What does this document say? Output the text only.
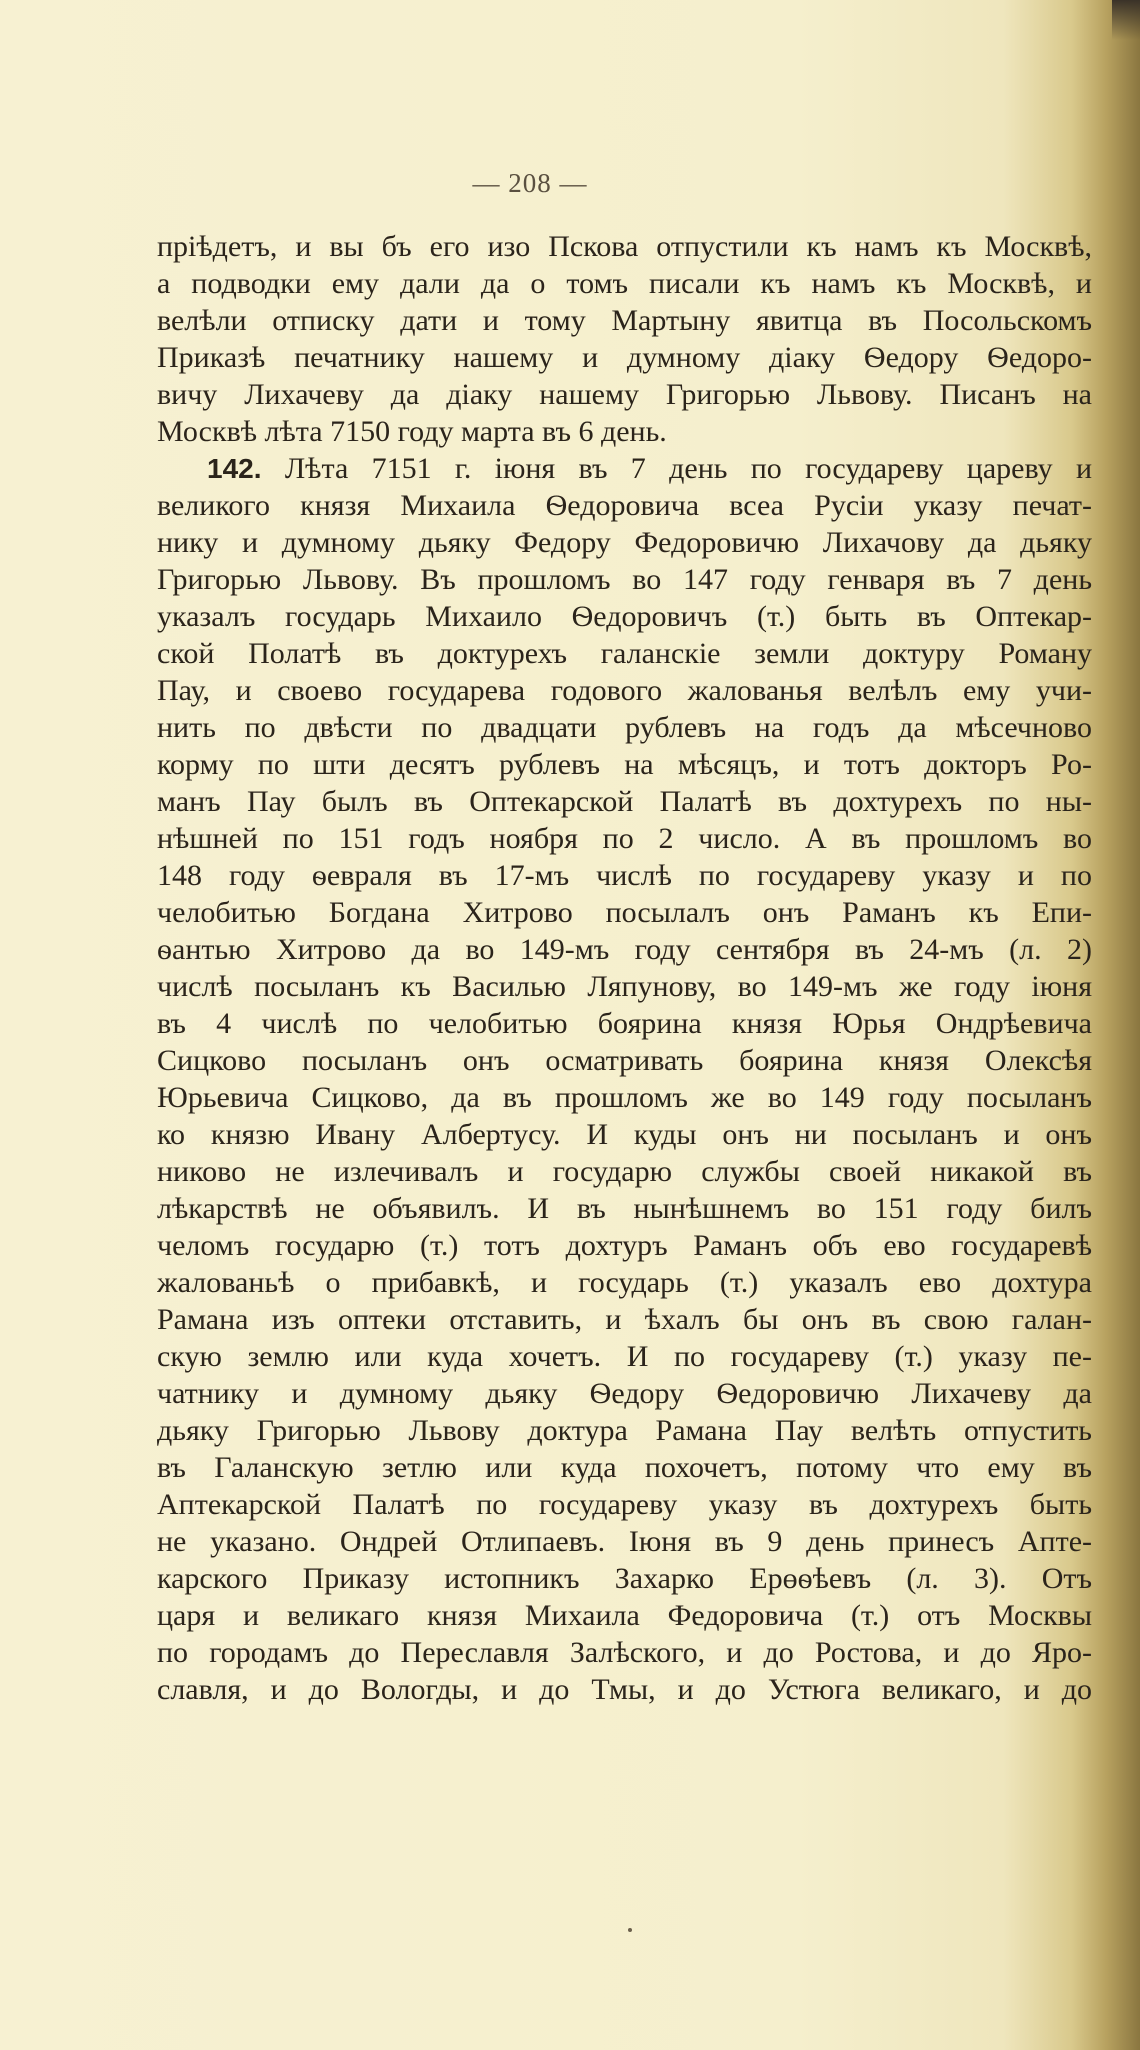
— 208 —
пріѣдетъ, и вы бъ его изо Пскова отпустили къ намъ къ Москвѣ,
а подводки ему дали да о томъ писали къ намъ къ Москвѣ, и
велѣли отписку дати и тому Мартыну явитца въ Посольскомъ
Приказѣ печатнику нашему и думному діаку Ѳедору Ѳедоро-
вичу Лихачеву да діаку нашему Григорью Львову. Писанъ на
Москвѣ лѣта 7150 году марта въ 6 день.
142. Лѣта 7151 г. іюня въ 7 день по государеву цареву и
великого князя Михаила Ѳедоровича всеа Русіи указу печат-
нику и думному дьяку Федору Федоровичю Лихачову да дьяку
Григорью Львову. Въ прошломъ во 147 году генваря въ 7 день
указалъ государь Михаило Ѳедоровичъ (т.) быть въ Оптекар-
ской Полатѣ въ доктурехъ галанскіе земли доктуру Роману
Пау, и своево государева годового жалованья велѣлъ ему учи-
нить по двѣсти по двадцати рублевъ на годъ да мѣсечново
корму по шти десятъ рублевъ на мѣсяцъ, и тотъ докторъ Ро-
манъ Пау былъ въ Оптекарской Палатѣ въ дохтурехъ по ны-
нѣшней по 151 годъ ноября по 2 число. А въ прошломъ во
148 году ѳевраля въ 17-мъ числѣ по государеву указу и по
челобитью Богдана Хитрово посылалъ онъ Раманъ къ Епи-
ѳантью Хитрово да во 149-мъ году сентября въ 24-мъ (л. 2)
числѣ посыланъ къ Василью Ляпунову, во 149-мъ же году іюня
въ 4 числѣ по челобитью боярина князя Юрья Ондрѣевича
Сицково посыланъ онъ осматривать боярина князя Олексѣя
Юрьевича Сицково, да въ прошломъ же во 149 году посыланъ
ко князю Ивану Албертусу. И куды онъ ни посыланъ и онъ
никово не излечивалъ и государю службы своей никакой въ
лѣкарствѣ не объявилъ. И въ нынѣшнемъ во 151 году билъ
челомъ государю (т.) тотъ дохтуръ Раманъ объ ево государевѣ
жалованьѣ о прибавкѣ, и государь (т.) указалъ ево дохтура
Рамана изъ оптеки отставить, и ѣхалъ бы онъ въ свою галан-
скую землю или куда хочетъ. И по государеву (т.) указу пе-
чатнику и думному дьяку Ѳедору Ѳедоровичю Лихачеву да
дьяку Григорью Львову доктура Рамана Пау велѣть отпустить
въ Галанскую зетлю или куда похочетъ, потому что ему въ
Аптекарской Палатѣ по государеву указу въ дохтурехъ быть
не указано. Ондрей Отлипаевъ. Іюня въ 9 день принесъ Апте-
карского Приказу истопникъ Захарко Ерөѳѣевъ (л. 3). Отъ
царя и великаго князя Михаила Федоровича (т.) отъ Москвы
по городамъ до Переславля Залѣского, и до Ростова, и до Яро-
славля, и до Вологды, и до Тмы, и до Устюга великаго, и до
